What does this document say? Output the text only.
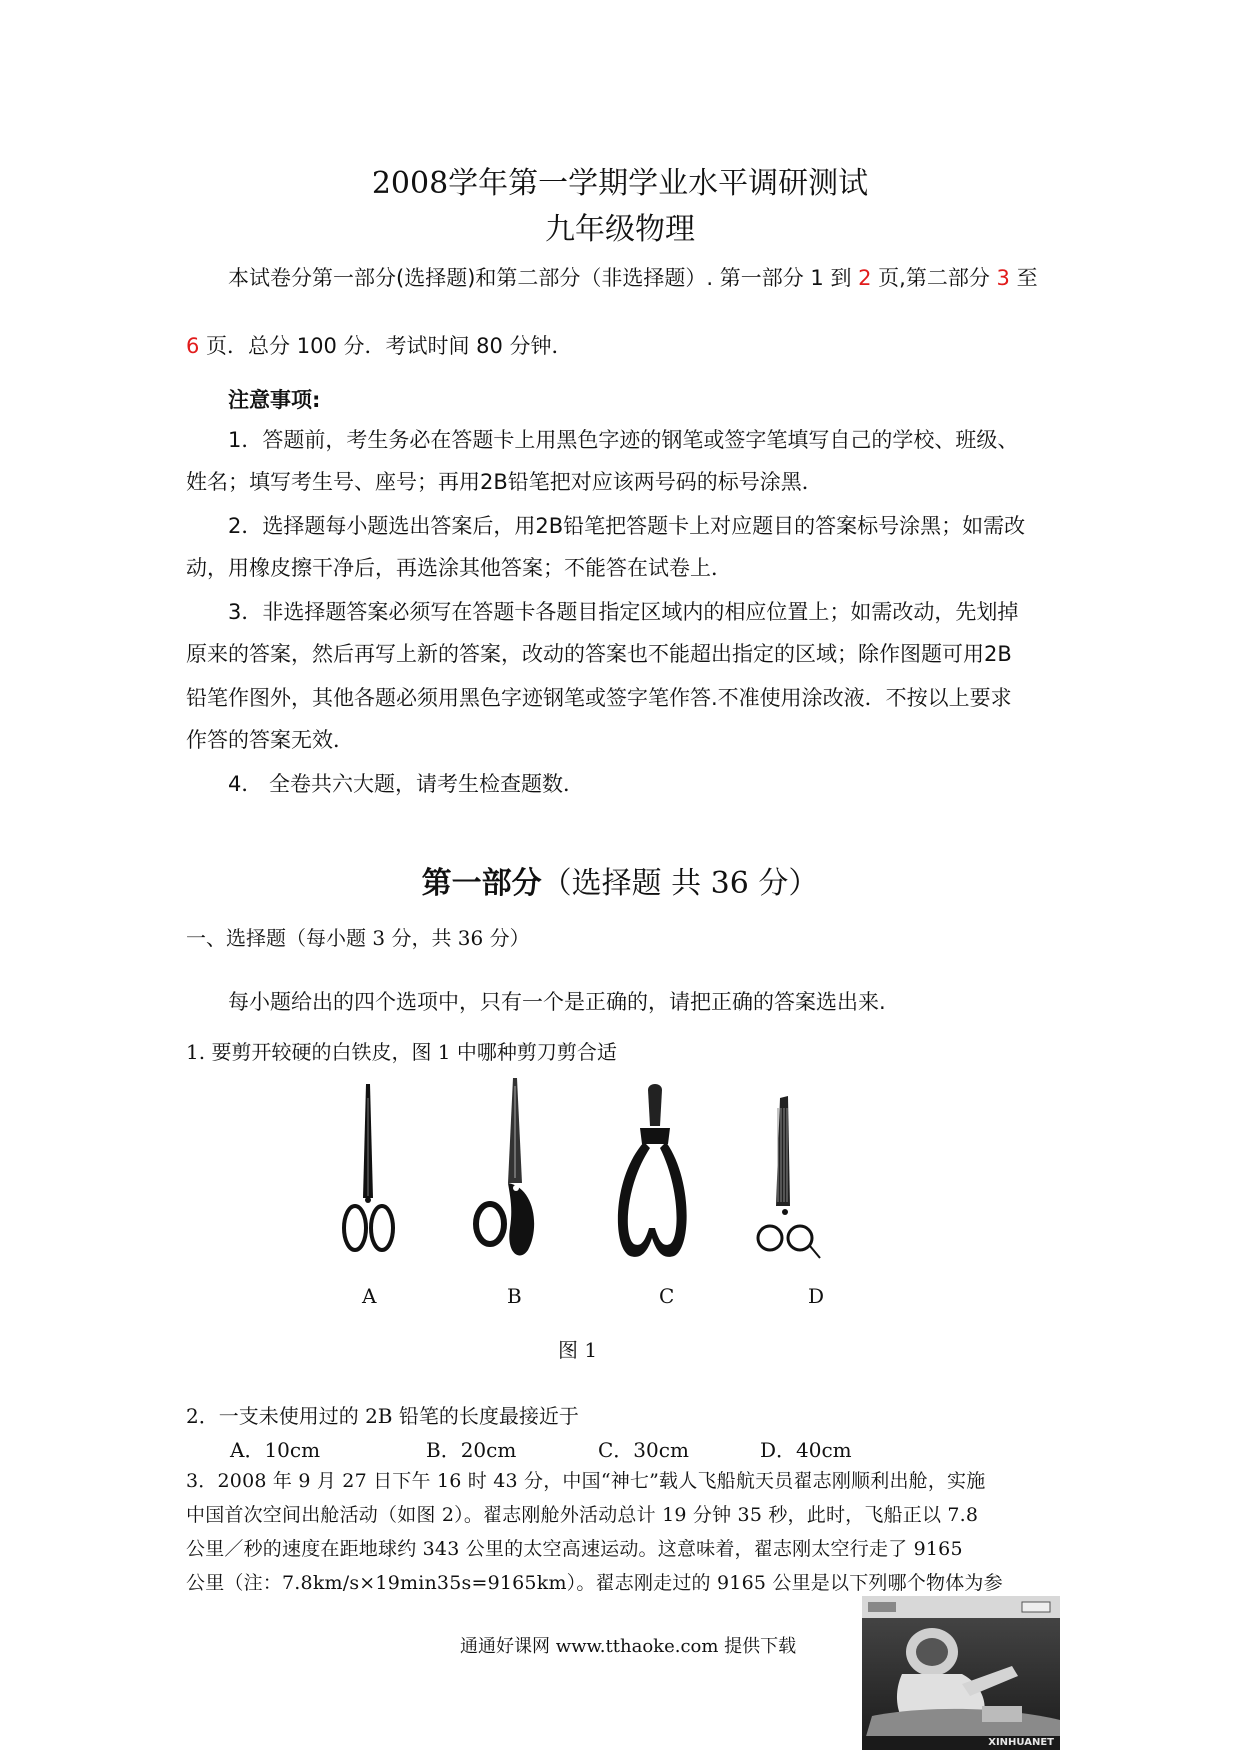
2008学年第一学期学业水平调研测试
九年级物理
本试卷分第一部分(选择题)和第二部分（非选择题）. 第一部分 1 到 2 页,第二部分 3 至
6 页．总分 100 分．考试时间 80 分钟．
注意事项:
1．答题前，考生务必在答题卡上用黑色字迹的钢笔或签字笔填写自己的学校、班级、
姓名；填写考生号、座号；再用2B铅笔把对应该两号码的标号涂黑．
2．选择题每小题选出答案后，用2B铅笔把答题卡上对应题目的答案标号涂黑；如需改
动，用橡皮擦干净后，再选涂其他答案；不能答在试卷上．
3．非选择题答案必须写在答题卡各题目指定区域内的相应位置上；如需改动，先划掉
原来的答案，然后再写上新的答案，改动的答案也不能超出指定的区域；除作图题可用2B
铅笔作图外，其他各题必须用黑色字迹钢笔或签字笔作答.不准使用涂改液．不按以上要求
作答的答案无效．
4． 全卷共六大题，请考生检查题数．
第一部分（选择题 共 36 分）
一、选择题（每小题 3 分，共 36 分）
每小题给出的四个选项中，只有一个是正确的，请把正确的答案选出来.
1. 要剪开较硬的白铁皮，图 1 中哪种剪刀剪合适
A	B	C	D
图 1
2．一支未使用过的 2B 铅笔的长度最接近于
A．10cm	B．20cm	C．30cm	D．40cm
3．2008 年 9 月 27 日下午 16 时 43 分，中国“神七”载人飞船航天员翟志刚顺利出舱，实施
中国首次空间出舱活动（如图 2）。翟志刚舱外活动总计 19 分钟 35 秒，此时，飞船正以 7.8
公里／秒的速度在距地球约 343 公里的太空高速运动。这意味着，翟志刚太空行走了 9165
公里（注：7.8km/s×19min35s=9165km）。翟志刚走过的 9165 公里是以下列哪个物体为参
通通好课网 www.tthaoke.com 提供下载
XINHUANET
